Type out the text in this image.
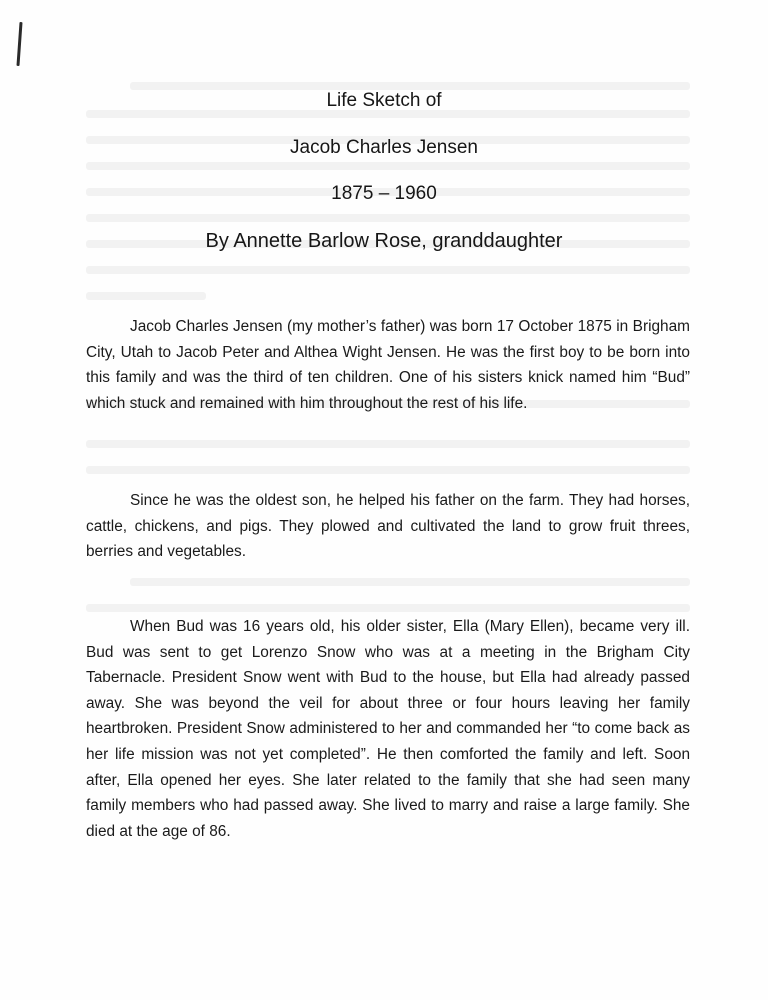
Life Sketch of
Jacob Charles Jensen
1875 – 1960
By Annette Barlow Rose, granddaughter

Jacob Charles Jensen (my mother’s father) was born 17 October 1875 in Brigham City, Utah to Jacob Peter and Althea Wight Jensen. He was the first boy to be born into this family and was the third of ten children. One of his sisters knick named him “Bud” which stuck and remained with him throughout the rest of his life.

Since he was the oldest son, he helped his father on the farm. They had horses, cattle, chickens, and pigs. They plowed and cultivated the land to grow fruit threes, berries and vegetables.

When Bud was 16 years old, his older sister, Ella (Mary Ellen), became very ill. Bud was sent to get Lorenzo Snow who was at a meeting in the Brigham City Tabernacle. President Snow went with Bud to the house, but Ella had already passed away. She was beyond the veil for about three or four hours leaving her family heartbroken. President Snow administered to her and commanded her “to come back as her life mission was not yet completed”. He then comforted the family and left. Soon after, Ella opened her eyes. She later related to the family that she had seen many family members who had passed away. She lived to marry and raise a large family. She died at the age of 86.
